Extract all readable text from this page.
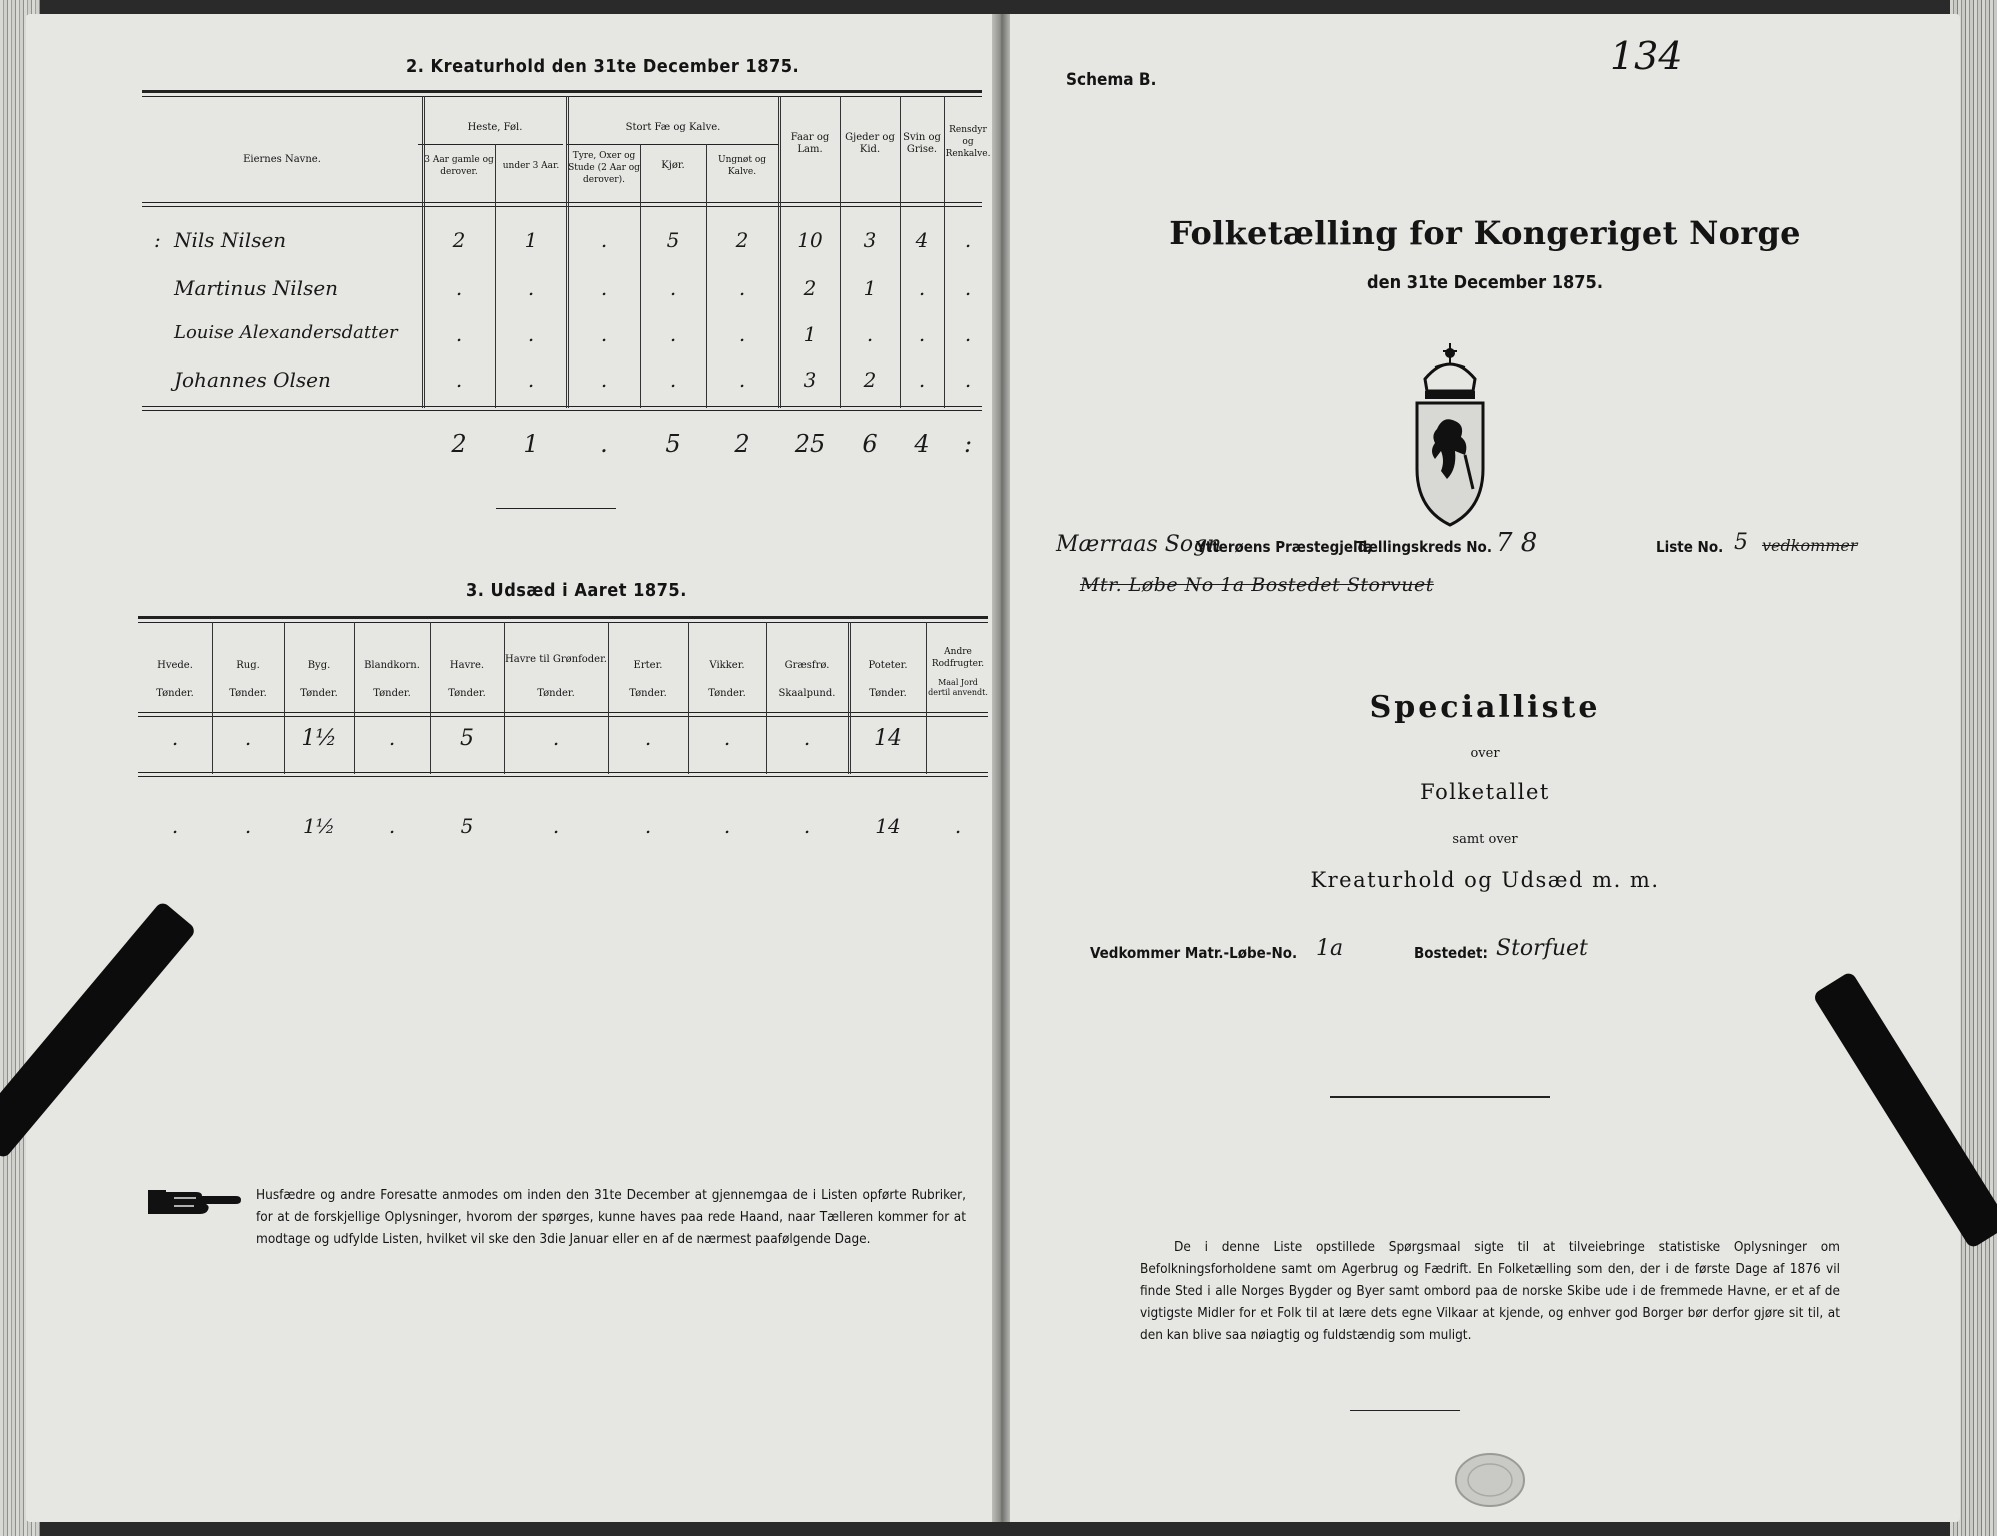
2. Kreaturhold den 31te December 1875.
Eiernes Navne.
Heste, Føl.
3 Aar gamle og derover.
under 3 Aar.
Stort Fæ og Kalve.
Tyre, Oxer og Stude (2 Aar og derover).
Kjør.	Ungnøt og Kalve.
Faar og Lam.
Gjeder og Kid.
Svin og Grise.
Rensdyr og Renkalve.
: Nils Nilsen	2	1	.	5	2	10	3	4	.
Martinus Nilsen	.	.	.	.	.	2	1	.	.
Louise Alexandersdatter	.	.	.	.	.	1	.	.	.
Johannes Olsen	.	.	.	.	.	3	2	.	.
2	1	.	5	2	25	6	4	:
3. Udsæd i Aaret 1875.
Hvede.
Tønder.
Rug.
Tønder.
Byg.
Tønder.
Blandkorn.
Tønder.
Havre.
Tønder.
Havre til Grønfoder.
Tønder.
Erter.
Tønder.
Vikker.
Tønder.
Græsfrø.
Skaalpund.
Poteter.
Tønder.
Andre Rodfrugter.
Maal Jord dertil anvendt.
.	.	1½	.	5	.	.	.	.	14
.	.	1½	.	5	.	.	.	.	14	.
Husfædre og andre Foresatte anmodes om inden den 31te December at gjennemgaa de i Listen opførte Rubriker, for at de forskjellige Oplysninger, hvorom der spørges, kunne haves paa rede Haand, naar Tælleren kommer for at modtage og udfylde Listen, hvilket vil ske den 3die Januar eller en af de nærmest paafølgende Dage.
134
Schema B.
Folketælling for Kongeriget Norge
den 31te December 1875.
Mærraas Sogn
Ytterøens Præstegjeld,
Tællingskreds No. 7 8	Liste No. 5 vedkommer
Mtr. Løbe No 1a Bostedet Storvuet
Specialliste
over
Folketallet
samt over
Kreaturhold og Udsæd m. m.
Vedkommer Matr.-Løbe-No. 1a	Bostedet: Storfuet
De i denne Liste opstillede Spørgsmaal sigte til at tilveiebringe statistiske Oplysninger om Befolkningsforholdene samt om Agerbrug og Fædrift. En Folketælling som den, der i de første Dage af 1876 vil finde Sted i alle Norges Bygder og Byer samt ombord paa de norske Skibe ude i de fremmede Havne, er et af de vigtigste Midler for et Folk til at lære dets egne Vilkaar at kjende, og enhver god Borger bør derfor gjøre sit til, at den kan blive saa nøiagtig og fuldstændig som muligt.
